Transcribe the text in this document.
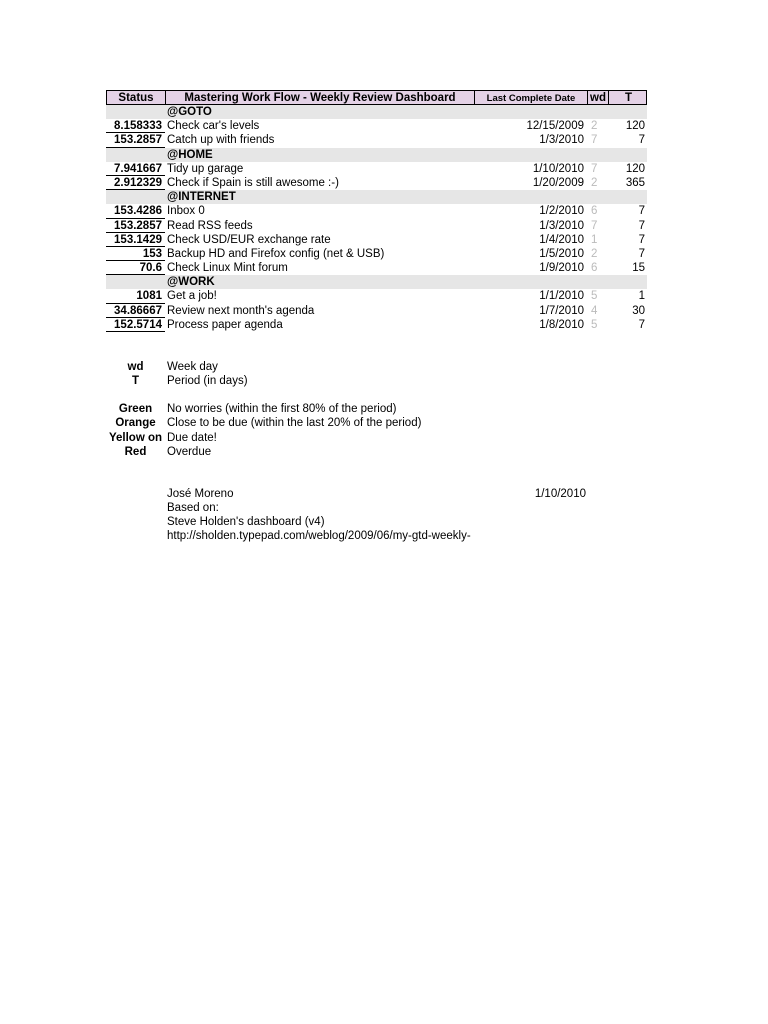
Status	Mastering Work Flow - Weekly Review Dashboard	Last Complete Date	wd	T
@GOTO
8.158333 Check car's levels	12/15/2009 2	120
153.2857 Catch up with friends	1/3/2010 7	7
@HOME
7.941667 Tidy up garage	1/10/2010 7	120
2.912329 Check if Spain is still awesome :-)	1/20/2009 2	365
@INTERNET
153.4286 Inbox 0	1/2/2010 6	7
153.2857 Read RSS feeds	1/3/2010 7	7
153.1429 Check USD/EUR exchange rate	1/4/2010 1	7
153 Backup HD and Firefox config (net & USB)	1/5/2010 2	7
70.6 Check Linux Mint forum	1/9/2010 6	15
@WORK
1081 Get a job!	1/1/2010 5	1
34.86667 Review next month's agenda	1/7/2010 4	30
152.5714 Process paper agenda	1/8/2010 5	7
wd	Week day
T	Period (in days)
Green	No worries (within the first 80% of the period)
Orange Close to be due (within the last 20% of the period)
Yellow on Due date!
Red	Overdue
José Moreno	1/10/2010
Based on:
Steve Holden's dashboard (v4)
http://sholden.typepad.com/weblog/2009/06/my-gtd-weekly-
